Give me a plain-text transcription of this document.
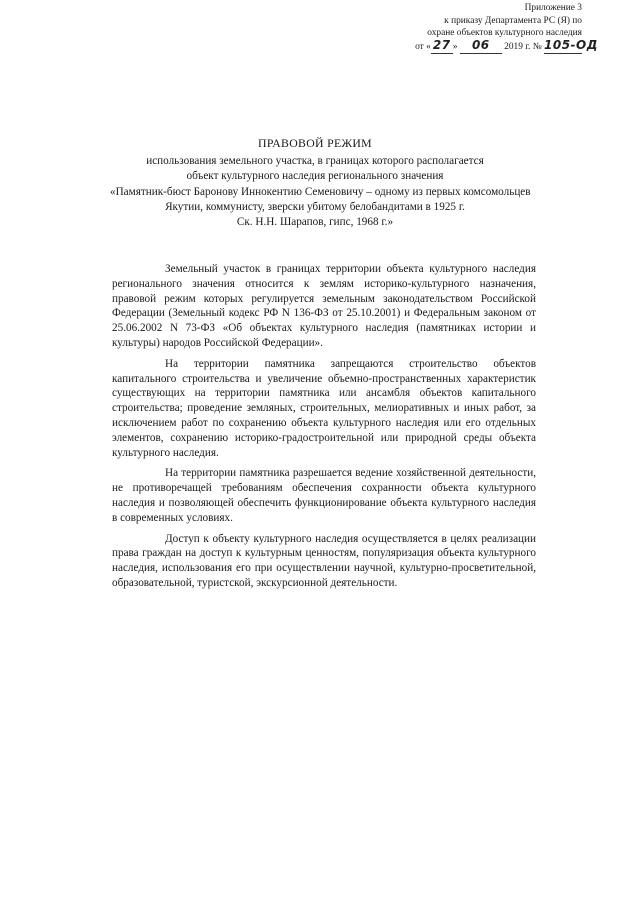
Приложение 3
к приказу Департамента РС (Я) по
охране объектов культурного наследия
от « 27 » 06 2019 г. № 105-ОД
ПРАВОВОЙ РЕЖИМ
использования земельного участка, в границах которого располагается
объект культурного наследия регионального значения
«Памятник-бюст Баронову Иннокентию Семеновичу – одному из первых комсомольцев
Якутии, коммунисту, зверски убитому белобандитами в 1925 г.
Ск. Н.Н. Шарапов, гипс, 1968 г.»

Земельный участок в границах территории объекта культурного наследия регионального значения относится к землям историко-культурного назначения, правовой режим которых регулируется земельным законодательством Российской Федерации (Земельный кодекс РФ N 136-ФЗ от 25.10.2001) и Федеральным законом от 25.06.2002 N 73-ФЗ «Об объектах культурного наследия (памятниках истории и культуры) народов Российской Федерации».

На территории памятника запрещаются строительство объектов капитального строительства и увеличение объемно-пространственных характеристик существующих на территории памятника или ансамбля объектов капитального строительства; проведение земляных, строительных, мелиоративных и иных работ, за исключением работ по сохранению объекта культурного наследия или его отдельных элементов, сохранению историко-градостроительной или природной среды объекта культурного наследия.

На территории памятника разрешается ведение хозяйственной деятельности, не противоречащей требованиям обеспечения сохранности объекта культурного наследия и позволяющей обеспечить функционирование объекта культурного наследия в современных условиях.

Доступ к объекту культурного наследия осуществляется в целях реализации права граждан на доступ к культурным ценностям, популяризация объекта культурного наследия, использования его при осуществлении научной, культурно-просветительной, образовательной, туристской, экскурсионной деятельности.
